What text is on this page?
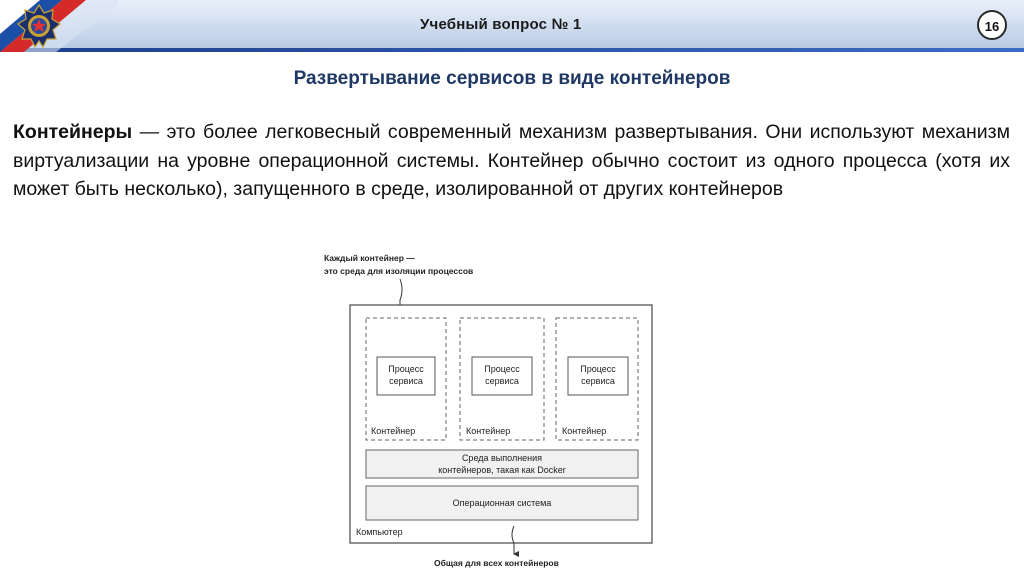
Учебный вопрос № 1	16
Развертывание сервисов в виде контейнеров
Контейнеры — это более легковесный современный механизм развертывания. Они используют механизм виртуализации на уровне операционной системы. Контейнер обычно состоит из одного процесса (хотя их может быть несколько), запущенного в среде, изолированной от других контейнеров
Каждый контейнер —
это среда для изоляции процессов
Процесс
сервиса
Контейнер
Процесс
сервиса
Контейнер
Процесс
сервиса
Контейнер
Среда выполнения
контейнеров, такая как Docker
Операционная система
Компьютер
Общая для всех контейнеров
